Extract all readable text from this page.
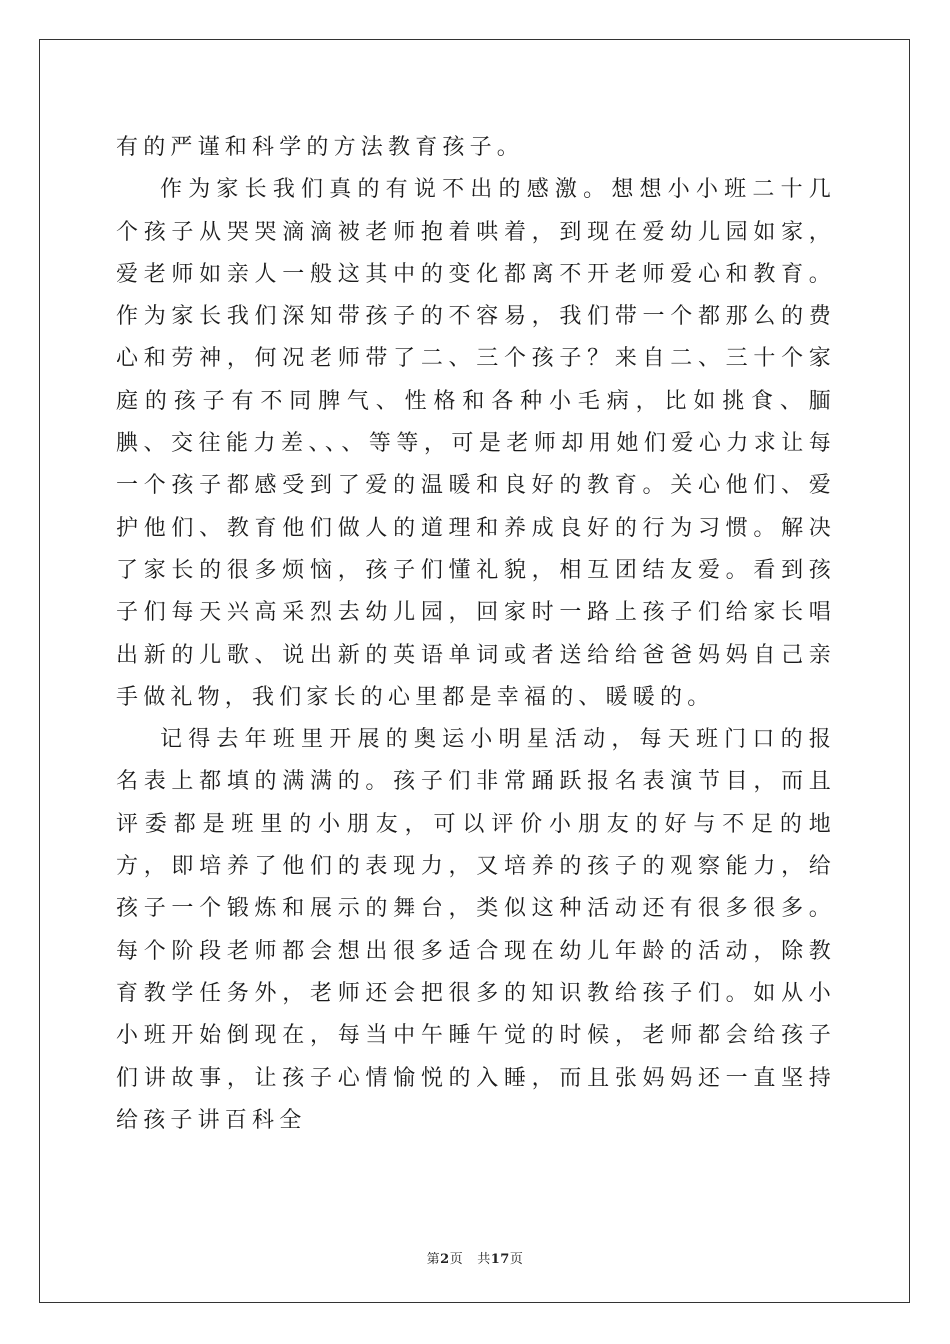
有的严谨和科学的方法教育孩子。

作为家长我们真的有说不出的感激。想想小小班二十几个孩子从哭哭滴滴被老师抱着哄着，到现在爱幼儿园如家，爱老师如亲人一般这其中的变化都离不开老师爱心和教育。作为家长我们深知带孩子的不容易，我们带一个都那么的费心和劳神，何况老师带了二、三个孩子？来自二、三十个家庭的孩子有不同脾气、性格和各种小毛病，比如挑食、腼腆、交往能力差、、、等等，可是老师却用她们爱心力求让每一个孩子都感受到了爱的温暖和良好的教育。关心他们、爱护他们、教育他们做人的道理和养成良好的行为习惯。解决了家长的很多烦恼，孩子们懂礼貌，相互团结友爱。看到孩子们每天兴高采烈去幼儿园，回家时一路上孩子们给家长唱出新的儿歌、说出新的英语单词或者送给给爸爸妈妈自己亲手做礼物，我们家长的心里都是幸福的、暖暖的。

记得去年班里开展的奥运小明星活动，每天班门口的报名表上都填的满满的。孩子们非常踊跃报名表演节目，而且评委都是班里的小朋友，可以评价小朋友的好与不足的地方，即培养了他们的表现力，又培养的孩子的观察能力，给孩子一个锻炼和展示的舞台，类似这种活动还有很多很多。每个阶段老师都会想出很多适合现在幼儿年龄的活动，除教育教学任务外，老师还会把很多的知识教给孩子们。如从小小班开始倒现在，每当中午睡午觉的时候，老师都会给孩子们讲故事，让孩子心情愉悦的入睡，而且张妈妈还一直坚持给孩子讲百科全

第2页 共17页
